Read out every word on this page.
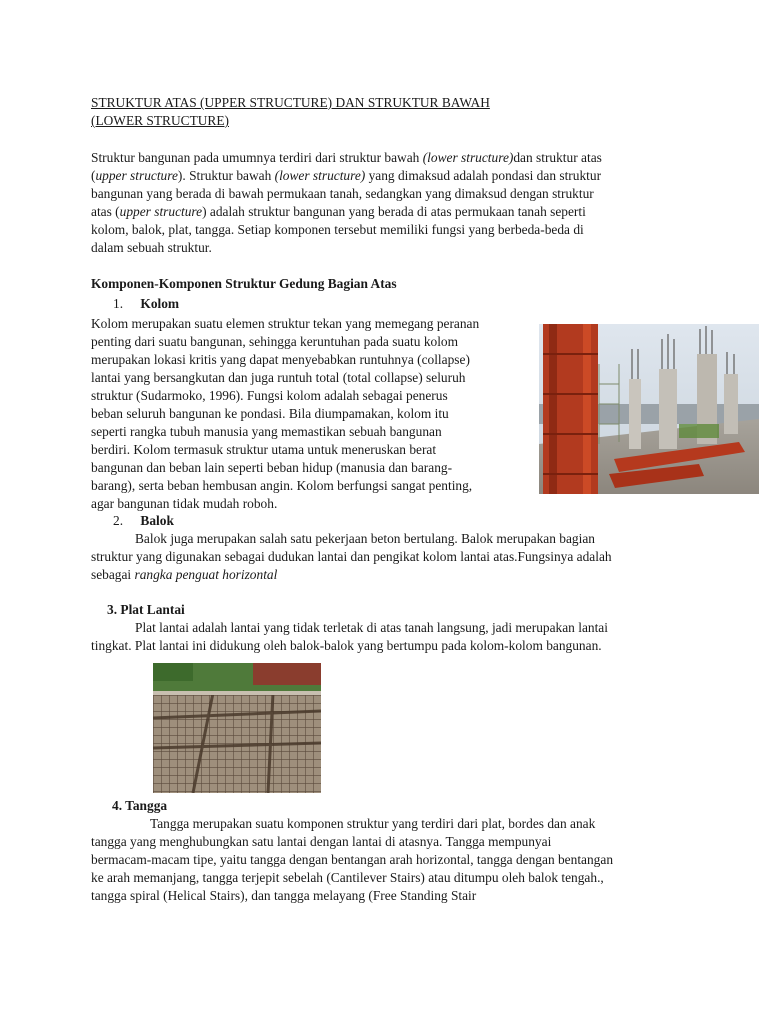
STRUKTUR ATAS (UPPER STRUCTURE) DAN STRUKTUR BAWAH
(LOWER STRUCTURE)
Struktur bangunan pada umumnya terdiri dari struktur bawah (lower structure)dan struktur atas
(upper structure). Struktur bawah (lower structure) yang dimaksud adalah pondasi dan struktur
bangunan yang berada di bawah permukaan tanah, sedangkan yang dimaksud dengan struktur
atas (upper structure) adalah struktur bangunan yang berada di atas permukaan tanah seperti
kolom, balok, plat, tangga. Setiap komponen tersebut memiliki fungsi yang berbeda-beda di
dalam sebuah struktur.
Komponen-Komponen Struktur Gedung Bagian Atas
1. Kolom
Kolom merupakan suatu elemen struktur tekan yang memegang peranan
penting dari suatu bangunan, sehingga keruntuhan pada suatu kolom
merupakan lokasi kritis yang dapat menyebabkan runtuhnya (collapse)
lantai yang bersangkutan dan juga runtuh total (total collapse) seluruh
struktur (Sudarmoko, 1996). Fungsi kolom adalah sebagai penerus
beban seluruh bangunan ke pondasi. Bila diumpamakan, kolom itu
seperti rangka tubuh manusia yang memastikan sebuah bangunan
berdiri. Kolom termasuk struktur utama untuk meneruskan berat
bangunan dan beban lain seperti beban hidup (manusia dan barang-
barang), serta beban hembusan angin. Kolom berfungsi sangat penting,
agar bangunan tidak mudah roboh.
2. Balok
Balok juga merupakan salah satu pekerjaan beton bertulang. Balok merupakan bagian
struktur yang digunakan sebagai dudukan lantai dan pengikat kolom lantai atas.Fungsinya adalah
sebagai rangka penguat horizontal
3. Plat Lantai
Plat lantai adalah lantai yang tidak terletak di atas tanah langsung, jadi merupakan lantai
tingkat. Plat lantai ini didukung oleh balok-balok yang bertumpu pada kolom-kolom bangunan.
4. Tangga
Tangga merupakan suatu komponen struktur yang terdiri dari plat, bordes dan anak
tangga yang menghubungkan satu lantai dengan lantai di atasnya. Tangga mempunyai
bermacam-macam tipe, yaitu tangga dengan bentangan arah horizontal, tangga dengan bentangan
ke arah memanjang, tangga terjepit sebelah (Cantilever Stairs) atau ditumpu oleh balok tengah.,
tangga spiral (Helical Stairs), dan tangga melayang (Free Standing Stair
